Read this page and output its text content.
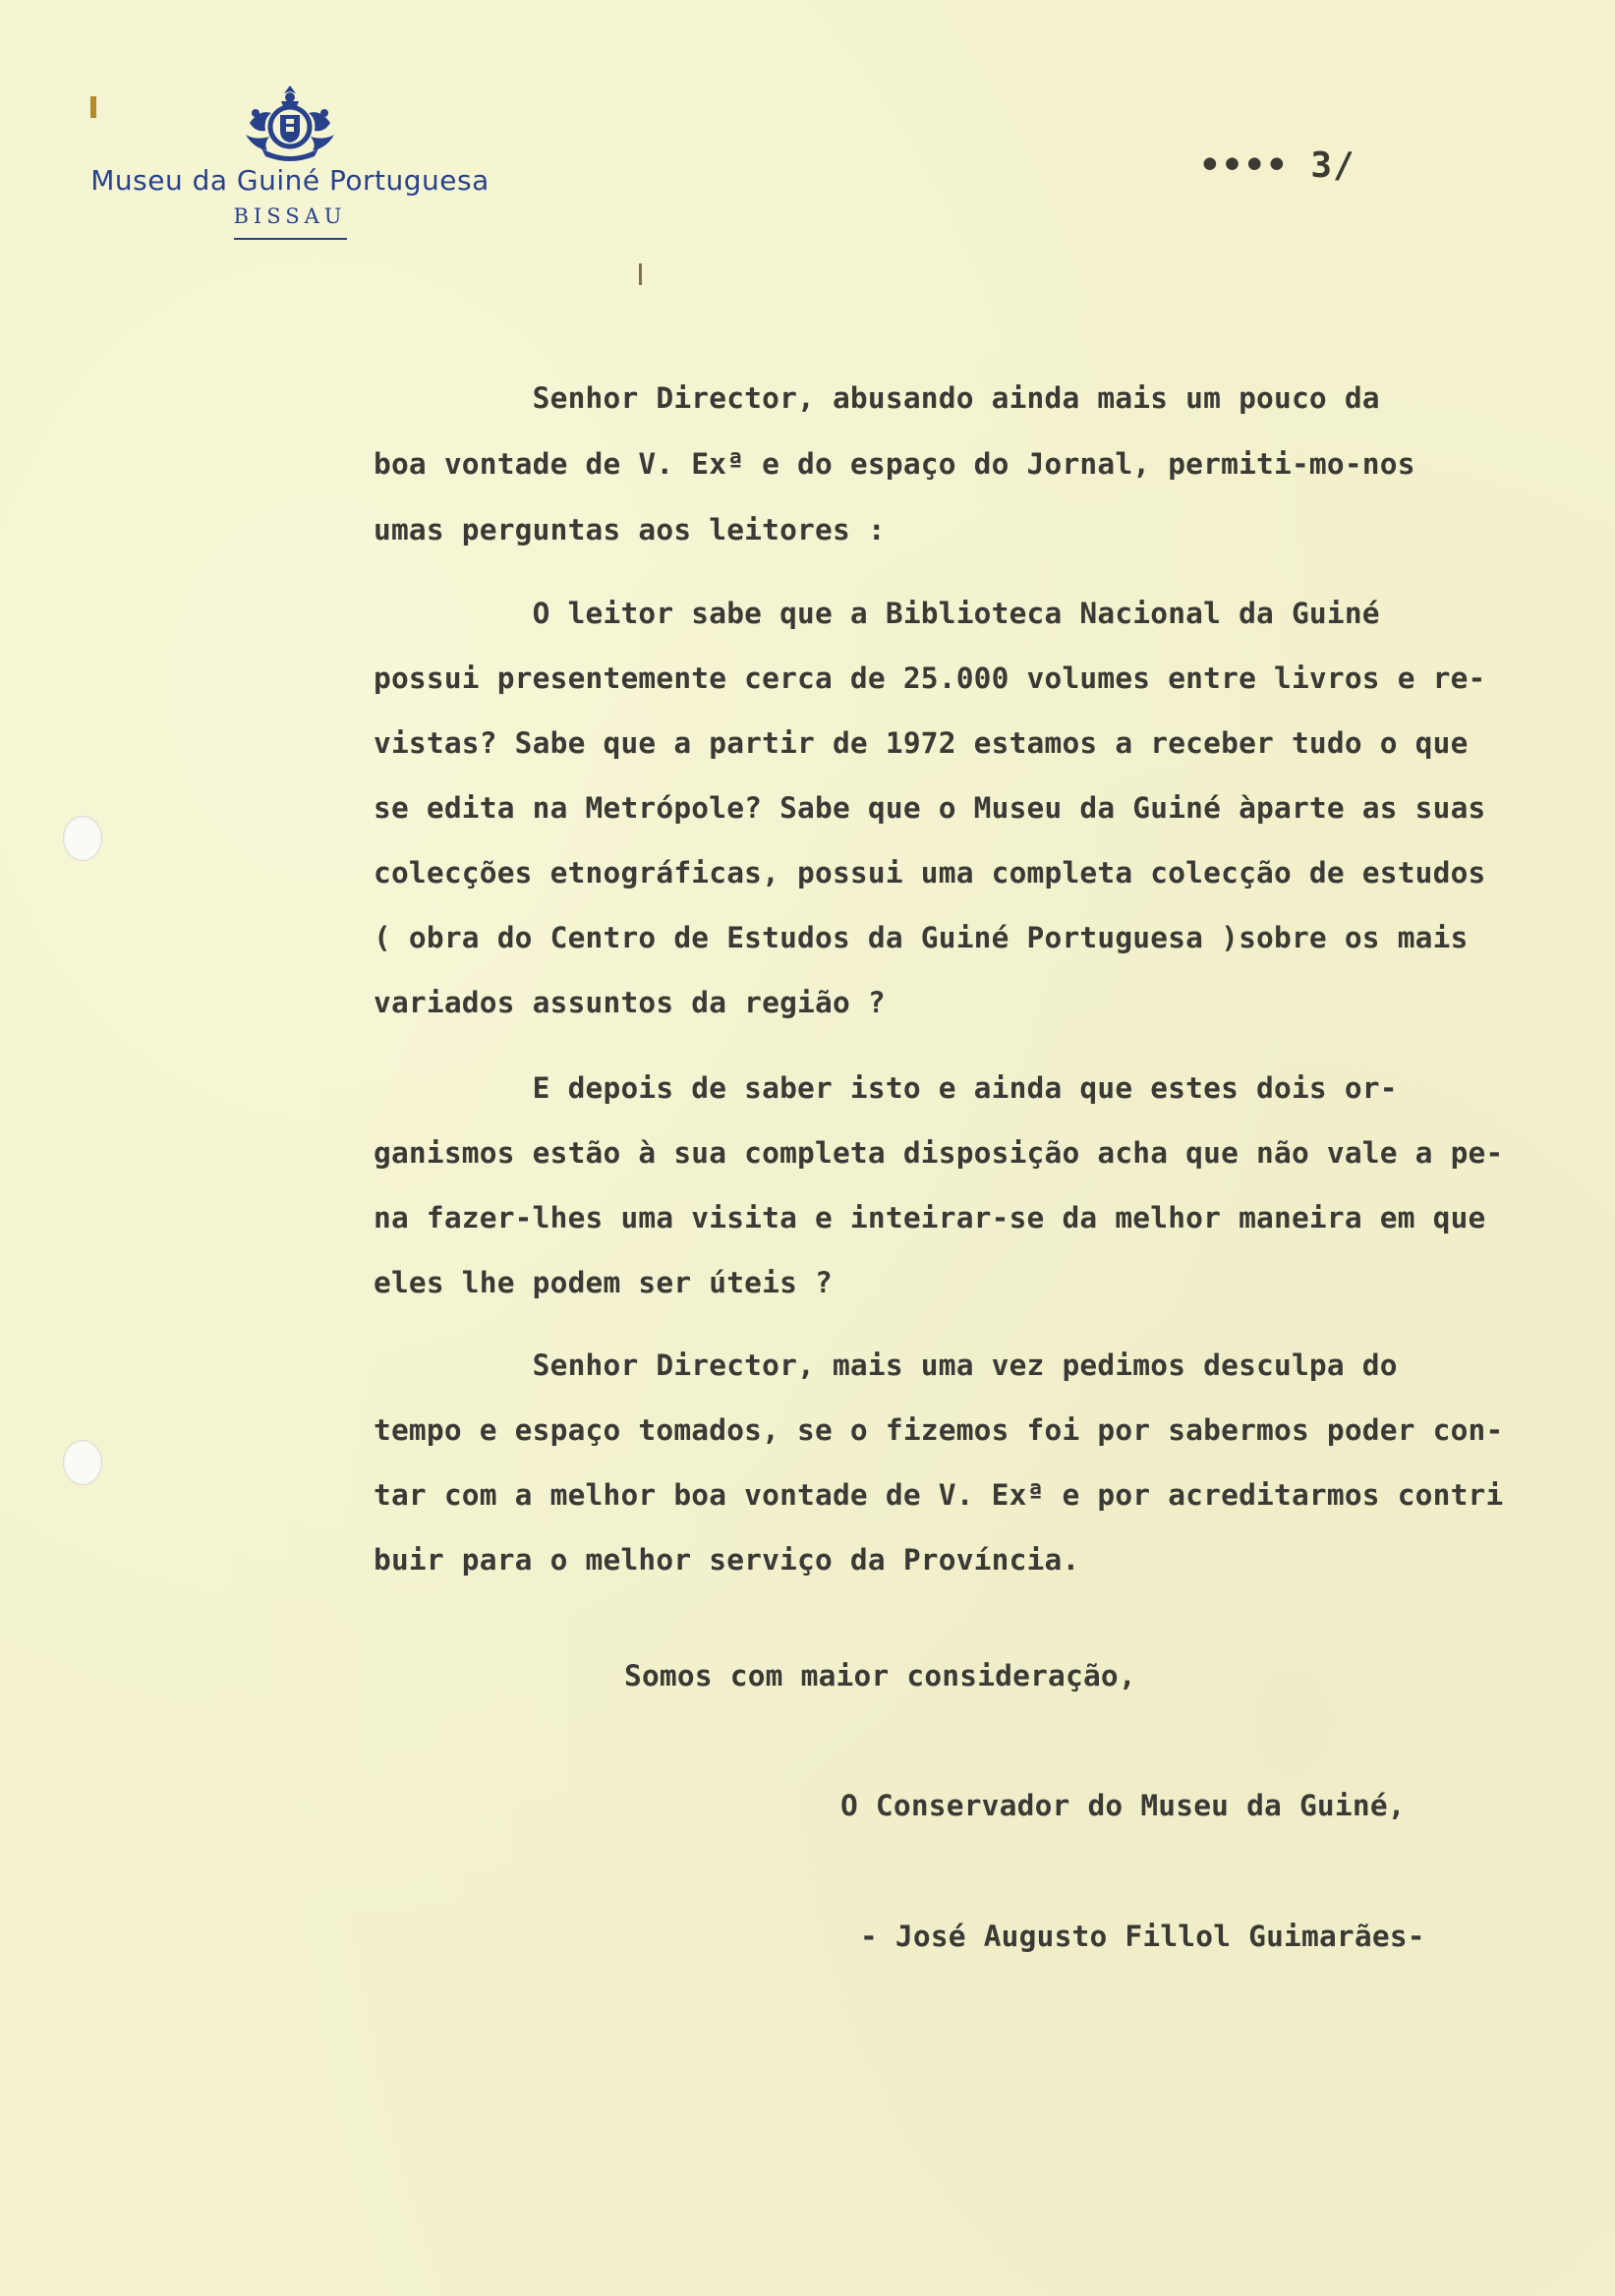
Museu da Guiné Portuguesa
BISSAU
•••• 3/
Senhor Director, abusando ainda mais um pouco da
boa vontade de V. Exª e do espaço do Jornal, permiti-mo-nos
umas perguntas aos leitores :
O leitor sabe que a Biblioteca Nacional da Guiné
possui presentemente cerca de 25.000 volumes entre livros e re-
vistas? Sabe que a partir de 1972 estamos a receber tudo o que
se edita na Metrópole? Sabe que o Museu da Guiné àparte as suas
colecções etnográficas, possui uma completa colecção de estudos
( obra do Centro de Estudos da Guiné Portuguesa )sobre os mais
variados assuntos da região ?
E depois de saber isto e ainda que estes dois or-
ganismos estão à sua completa disposição acha que não vale a pe-
na fazer-lhes uma visita e inteirar-se da melhor maneira em que
eles lhe podem ser úteis ?
Senhor Director, mais uma vez pedimos desculpa do
tempo e espaço tomados, se o fizemos foi por sabermos poder con-
tar com a melhor boa vontade de V. Exª e por acreditarmos contri
buir para o melhor serviço da Província.
Somos com maior consideração,
O Conservador do Museu da Guiné,
- José Augusto Fillol Guimarães-
